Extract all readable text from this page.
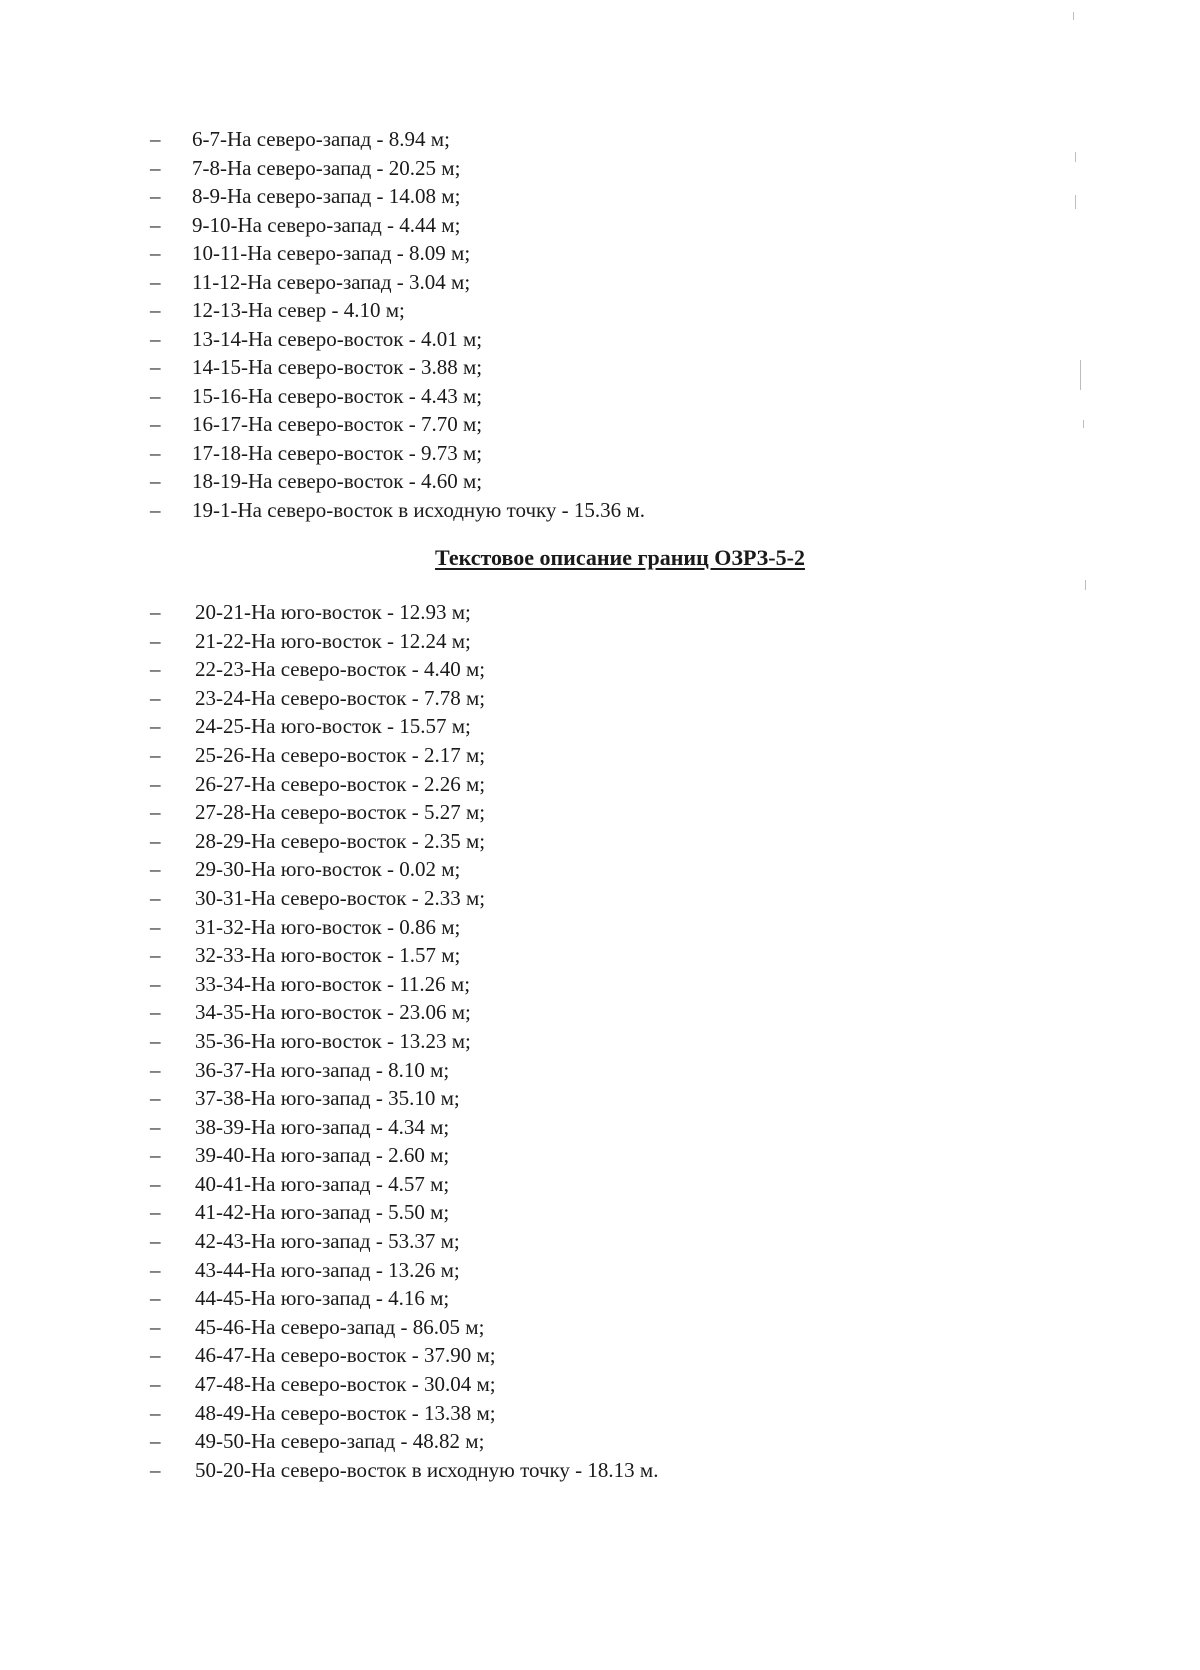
–	6-7-На северо-запад - 8.94 м;
–	7-8-На северо-запад - 20.25 м;
–	8-9-На северо-запад - 14.08 м;
–	9-10-На северо-запад - 4.44 м;
–	10-11-На северо-запад - 8.09 м;
–	11-12-На северо-запад - 3.04 м;
–	12-13-На север - 4.10 м;
–	13-14-На северо-восток - 4.01 м;
–	14-15-На северо-восток - 3.88 м;
–	15-16-На северо-восток - 4.43 м;
–	16-17-На северо-восток - 7.70 м;
–	17-18-На северо-восток - 9.73 м;
–	18-19-На северо-восток - 4.60 м;
–	19-1-На северо-восток в исходную точку - 15.36 м.
Текстовое описание границ ОЗРЗ-5-2
–	20-21-На юго-восток - 12.93 м;
–	21-22-На юго-восток - 12.24 м;
–	22-23-На северо-восток - 4.40 м;
–	23-24-На северо-восток - 7.78 м;
–	24-25-На юго-восток - 15.57 м;
–	25-26-На северо-восток - 2.17 м;
–	26-27-На северо-восток - 2.26 м;
–	27-28-На северо-восток - 5.27 м;
–	28-29-На северо-восток - 2.35 м;
–	29-30-На юго-восток - 0.02 м;
–	30-31-На северо-восток - 2.33 м;
–	31-32-На юго-восток - 0.86 м;
–	32-33-На юго-восток - 1.57 м;
–	33-34-На юго-восток - 11.26 м;
–	34-35-На юго-восток - 23.06 м;
–	35-36-На юго-восток - 13.23 м;
–	36-37-На юго-запад - 8.10 м;
–	37-38-На юго-запад - 35.10 м;
–	38-39-На юго-запад - 4.34 м;
–	39-40-На юго-запад - 2.60 м;
–	40-41-На юго-запад - 4.57 м;
–	41-42-На юго-запад - 5.50 м;
–	42-43-На юго-запад - 53.37 м;
–	43-44-На юго-запад - 13.26 м;
–	44-45-На юго-запад - 4.16 м;
–	45-46-На северо-запад - 86.05 м;
–	46-47-На северо-восток - 37.90 м;
–	47-48-На северо-восток - 30.04 м;
–	48-49-На северо-восток - 13.38 м;
–	49-50-На северо-запад - 48.82 м;
–	50-20-На северо-восток в исходную точку - 18.13 м.
